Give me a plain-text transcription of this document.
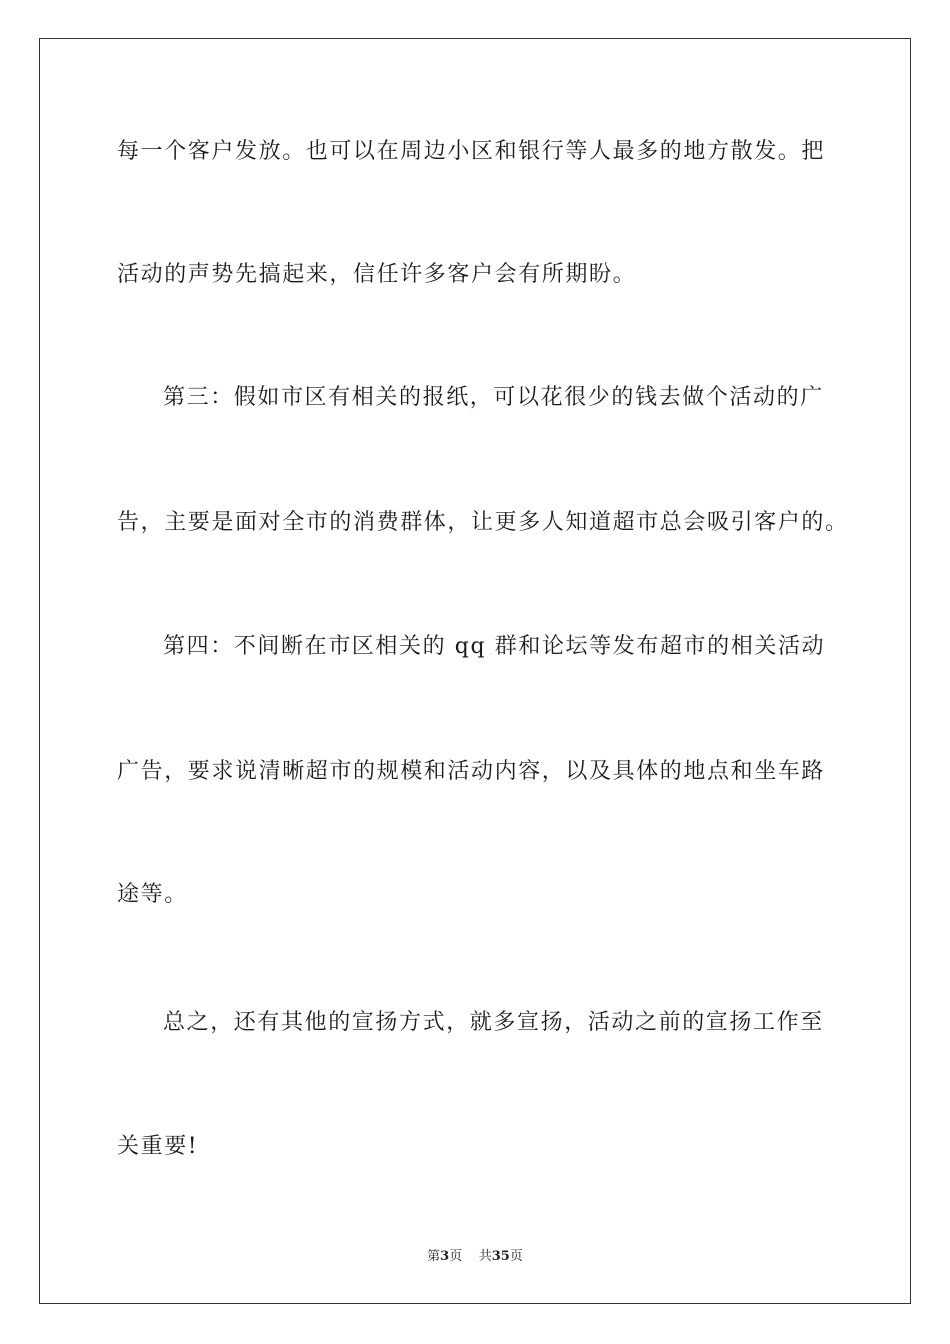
每一个客户发放。也可以在周边小区和银行等人最多的地方散发。把
活动的声势先搞起来，信任许多客户会有所期盼。
第三：假如市区有相关的报纸，可以花很少的钱去做个活动的广
告，主要是面对全市的消费群体，让更多人知道超市总会吸引客户的。
第四：不间断在市区相关的 qq 群和论坛等发布超市的相关活动
广告，要求说清晰超市的规模和活动内容，以及具体的地点和坐车路
途等。
总之，还有其他的宣扬方式，就多宣扬，活动之前的宣扬工作至
关重要!
第3页 共35页
